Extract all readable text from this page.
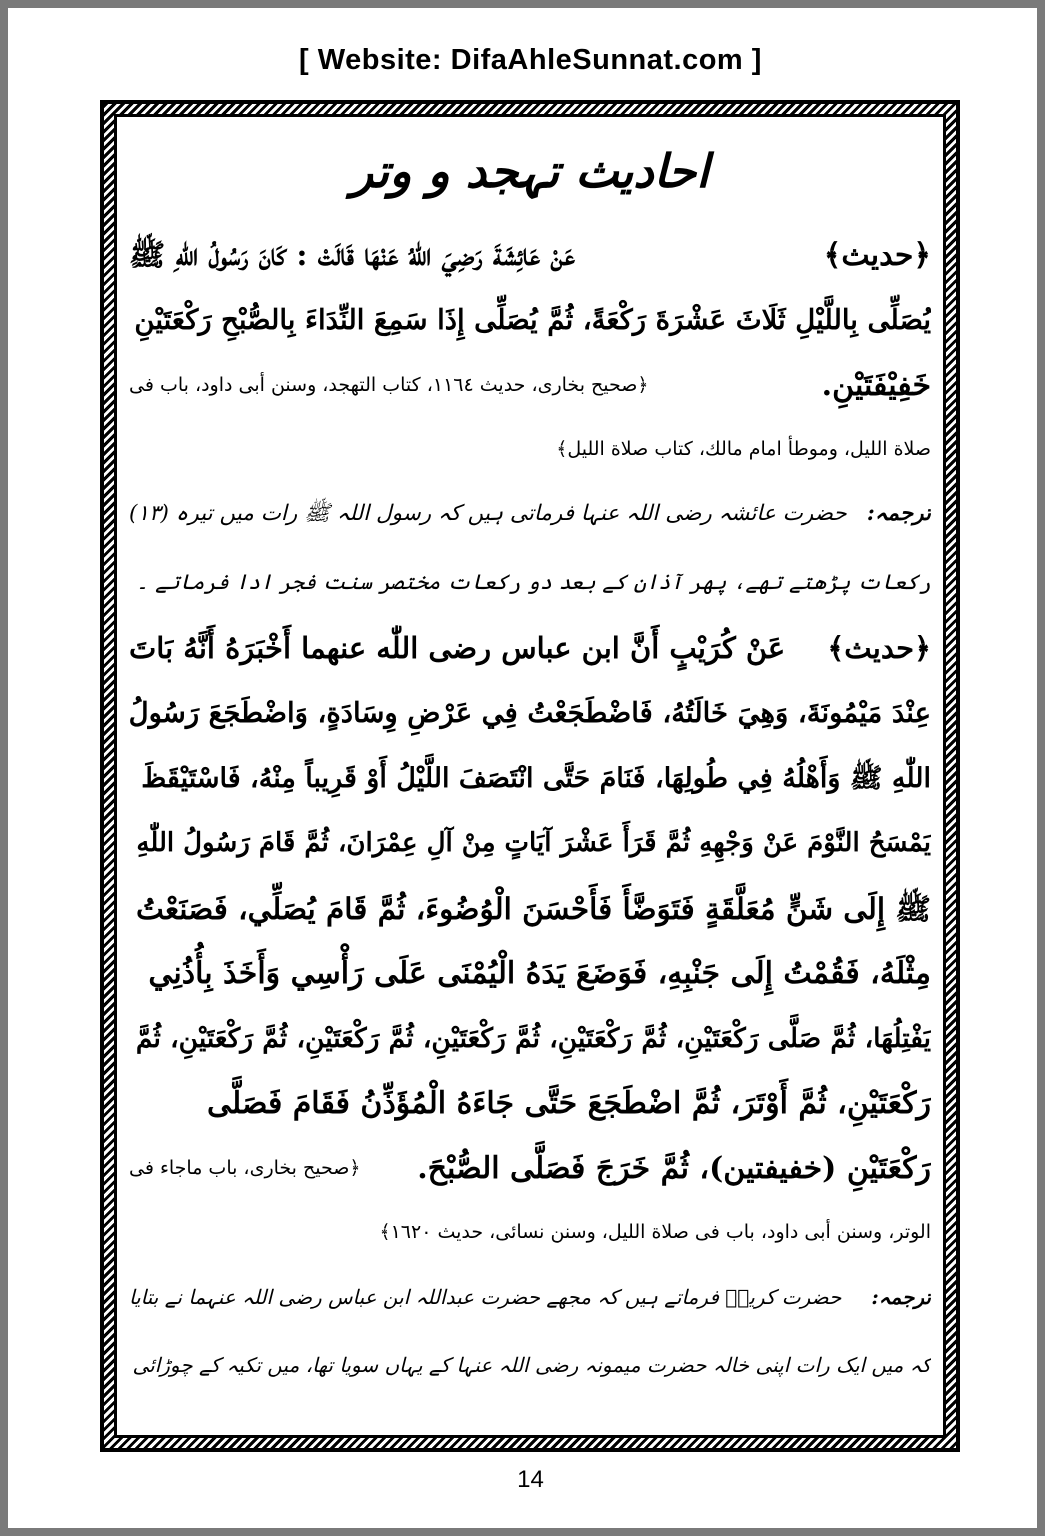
[ Website: DifaAhleSunnat.com ]
احادیث تہجد و وتر
﴿حدیث﴾
عَنْ عَائِشَةَ رَضِيَ اللّٰهُ عَنْهَا قَالَتْ : كَانَ رَسُولُ اللّٰهِ ﷺ
يُصَلِّى بِاللَّيْلِ ثَلَاثَ عَشْرَةَ رَكْعَةً، ثُمَّ يُصَلِّى إِذَا سَمِعَ النِّدَاءَ بِالصُّبْحِ رَكْعَتَيْنِ
خَفِيْفَتَيْنِ.
﴿صحيح بخارى، حديث ١١٦٤، كتاب التهجد، وسنن أبى داود، باب فى
صلاة الليل، وموطأ امام مالك، كتاب صلاة الليل﴾
ترجمہ:
حضرت عائشہ رضی اللہ عنہا فرماتی ہیں کہ رسول اللہ ﷺ رات میں تیرہ (۱۳)
رکعات پڑھتے تھے، پھر آذان کے بعد دو رکعات مختصر سنت فجر ادا فرماتے ۔
﴿حدیث﴾
عَنْ كُرَيْبٍ أَنَّ ابن عباس رضى اللّٰه عنهما أَخْبَرَهُ أَنَّهُ بَاتَ
عِنْدَ مَيْمُونَةَ، وَهِيَ خَالَتُهُ، فَاضْطَجَعْتُ فِي عَرْضِ وِسَادَةٍ، وَاضْطَجَعَ رَسُولُ
اللّٰهِ ﷺ وَأَهْلُهُ فِي طُولِهَا، فَنَامَ حَتَّى انْتَصَفَ اللَّيْلُ أَوْ قَرِيباً مِنْهُ، فَاسْتَيْقَظَ
يَمْسَحُ النَّوْمَ عَنْ وَجْهِهِ ثُمَّ قَرَأَ عَشْرَ آيَاتٍ مِنْ آلِ عِمْرَانَ، ثُمَّ قَامَ رَسُولُ اللّٰهِ
ﷺ إِلَى شَنٍّ مُعَلَّقَةٍ فَتَوَضَّأَ فَأَحْسَنَ الْوُضُوءَ، ثُمَّ قَامَ يُصَلِّي، فَصَنَعْتُ
مِثْلَهُ، فَقُمْتُ إِلَى جَنْبِهِ، فَوَضَعَ يَدَهُ الْيُمْنَى عَلَى رَأْسِي وَأَخَذَ بِأُذُنِي
يَفْتِلُهَا، ثُمَّ صَلَّى رَكْعَتَيْنِ، ثُمَّ رَكْعَتَيْنِ، ثُمَّ رَكْعَتَيْنِ، ثُمَّ رَكْعَتَيْنِ، ثُمَّ رَكْعَتَيْنِ، ثُمَّ
رَكْعَتَيْنِ، ثُمَّ أَوْتَرَ، ثُمَّ اضْطَجَعَ حَتَّى جَاءَهُ الْمُؤَذِّنُ فَقَامَ فَصَلَّى
رَكْعَتَيْنِ (خفيفتين)، ثُمَّ خَرَجَ فَصَلَّى الصُّبْحَ.
﴿صحيح بخارى، باب ماجاء فى
الوتر، وسنن أبى داود، باب فى صلاة الليل، وسنن نسائى، حديث ١٦٢٠﴾
ترجمہ:
حضرت کریبؒ فرماتے ہیں کہ مجھے حضرت عبداللہ ابن عباس رضی اللہ عنہما نے بتایا
کہ میں ایک رات اپنی خالہ حضرت میمونہ رضی اللہ عنہا کے یہاں سویا تھا، میں تکیہ کے چوڑائی
14
